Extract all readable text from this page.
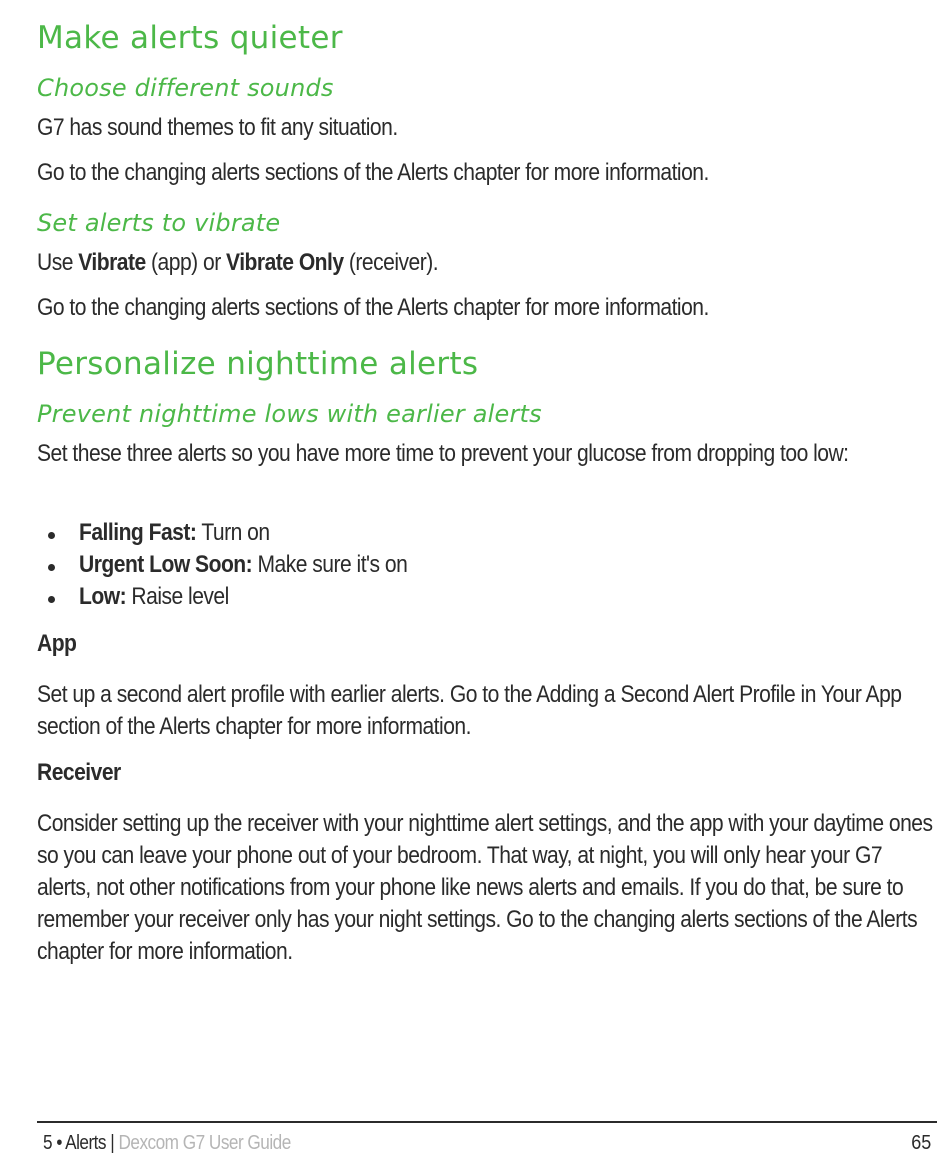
Make alerts quieter
Choose different sounds

G7 has sound themes to fit any situation.

Go to the changing alerts sections of the Alerts chapter for more information.

Set alerts to vibrate

Use Vibrate (app) or Vibrate Only (receiver).

Go to the changing alerts sections of the Alerts chapter for more information.

Personalize nighttime alerts
Prevent nighttime lows with earlier alerts

Set these three alerts so you have more time to prevent your glucose from dropping too low:

Falling Fast: Turn on
Urgent Low Soon: Make sure it's on
Low: Raise level
App

Set up a second alert profile with earlier alerts. Go to the Adding a Second Alert Profile in Your App section of the Alerts chapter for more information.

Receiver

Consider setting up the receiver with your nighttime alert settings, and the app with your daytime ones so you can leave your phone out of your bedroom. That way, at night, you will only hear your G7 alerts, not other notifications from your phone like news alerts and emails. If you do that, be sure to remember your receiver only has your night settings. Go to the changing alerts sections of the Alerts chapter for more information.

5 • Alerts | Dexcom G7 User Guide	65
